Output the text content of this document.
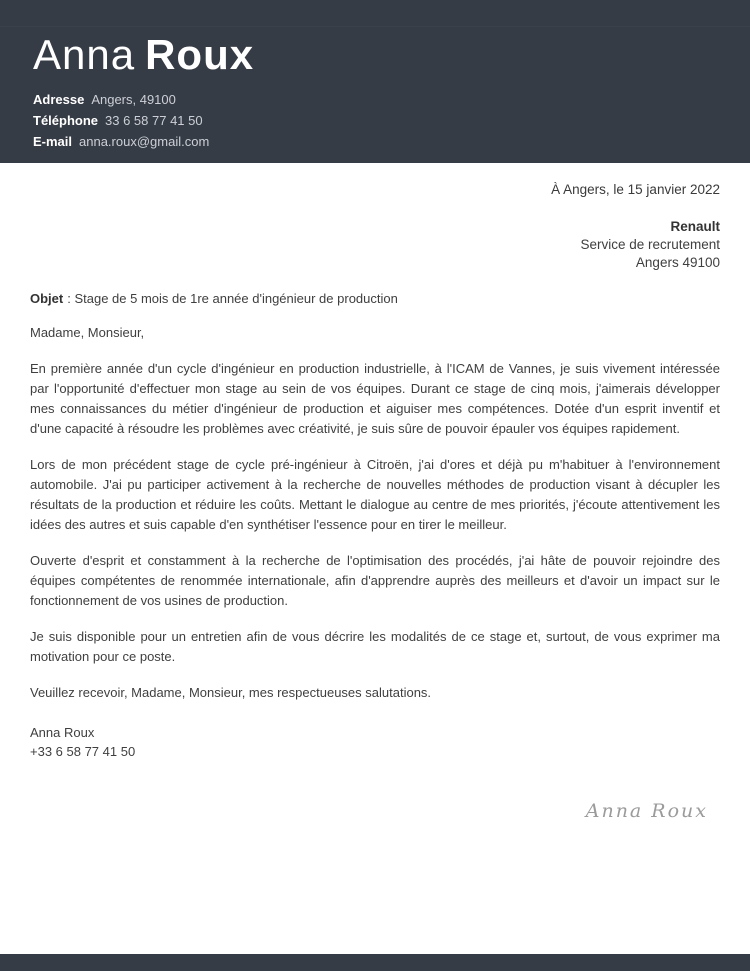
Anna Roux
Adresse Angers, 49100
Téléphone 33 6 58 77 41 50
E-mail anna.roux@gmail.com
À Angers, le 15 janvier 2022
Renault
Service de recrutement
Angers 49100

Objet : Stage de 5 mois de 1re année d'ingénieur de production

Madame, Monsieur,

En première année d'un cycle d'ingénieur en production industrielle, à l'ICAM de Vannes, je suis vivement intéressée par l'opportunité d'effectuer mon stage au sein de vos équipes. Durant ce stage de cinq mois, j'aimerais développer mes connaissances du métier d'ingénieur de production et aiguiser mes compétences. Dotée d'un esprit inventif et d'une capacité à résoudre les problèmes avec créativité, je suis sûre de pouvoir épauler vos équipes rapidement.

Lors de mon précédent stage de cycle pré-ingénieur à Citroën, j'ai d'ores et déjà pu m'habituer à l'environnement automobile. J'ai pu participer activement à la recherche de nouvelles méthodes de production visant à décupler les résultats de la production et réduire les coûts. Mettant le dialogue au centre de mes priorités, j'écoute attentivement les idées des autres et suis capable d'en synthétiser l'essence pour en tirer le meilleur.

Ouverte d'esprit et constamment à la recherche de l'optimisation des procédés, j'ai hâte de pouvoir rejoindre des équipes compétentes de renommée internationale, afin d'apprendre auprès des meilleurs et d'avoir un impact sur le fonctionnement de vos usines de production.

Je suis disponible pour un entretien afin de vous décrire les modalités de ce stage et, surtout, de vous exprimer ma motivation pour ce poste.

Veuillez recevoir, Madame, Monsieur, mes respectueuses salutations.

Anna Roux
+33 6 58 77 41 50
Anna Roux
